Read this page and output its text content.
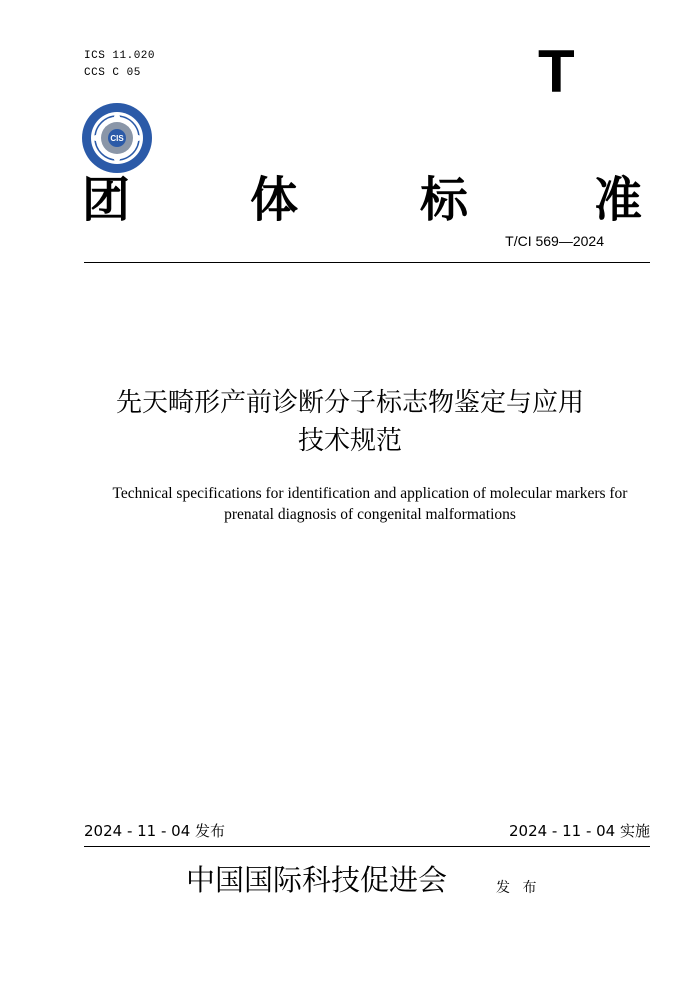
ICS 11.020
CCS C 05	T
CIS
团 体	标	准
T/CI 569—2024
先天畸形产前诊断分子标志物鉴定与应用
技术规范
Technical specifications for identification and application of molecular markers for
prenatal diagnosis of congenital malformations
2024 - 11 - 04 发布	2024 - 11 - 04 实施
中国国际科技促进会	发 布
